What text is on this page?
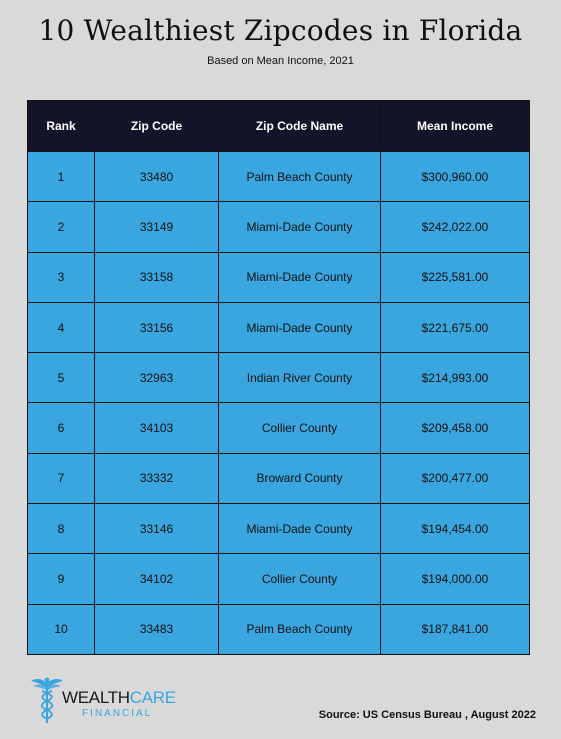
10 Wealthiest Zipcodes in Florida
Based on Mean Income, 2021
Rank	Zip Code	Zip Code Name	Mean Income
1	33480	Palm Beach County	$300,960.00
2	33149	Miami-Dade County	$242,022.00
3	33158	Miami-Dade County	$225,581.00
4	33156	Miami-Dade County	$221,675.00
5	32963	Indian River County	$214,993.00
6	34103	Collier County	$209,458.00
7	33332	Broward County	$200,477.00
8	33146	Miami-Dade County	$194,454.00
9	34102	Collier County	$194,000.00
10	33483	Palm Beach County	$187,841.00
WEALTHCARE
FINANCIAL	Source: US Census Bureau , August 2022
